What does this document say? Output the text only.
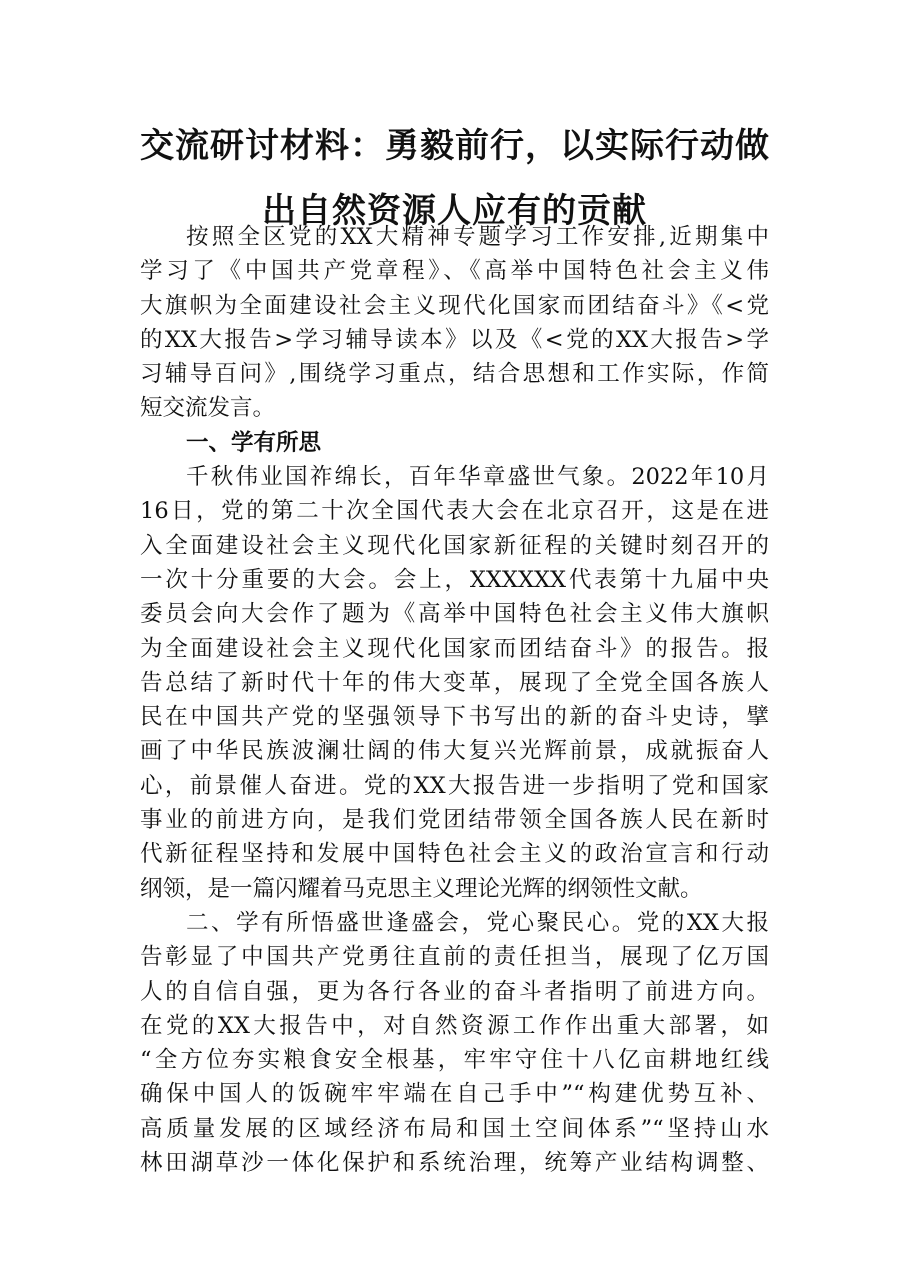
交流研讨材料：勇毅前行，以实际行动做
出自然资源人应有的贡献
按照全区党的XX大精神专题学习工作安排,近期集中
学习了《中国共产党章程》、《高举中国特色社会主义伟
大旗帜为全面建设社会主义现代化国家而团结奋斗》《<党
的XX大报告>学习辅导读本》以及《<党的XX大报告>学
习辅导百问》,围绕学习重点，结合思想和工作实际，作简
短交流发言。
一、学有所思
千秋伟业国祚绵长，百年华章盛世气象。2022年10月
16日，党的第二十次全国代表大会在北京召开，这是在进
入全面建设社会主义现代化国家新征程的关键时刻召开的
一次十分重要的大会。会上，XXXXXX代表第十九届中央
委员会向大会作了题为《高举中国特色社会主义伟大旗帜
为全面建设社会主义现代化国家而团结奋斗》的报告。报
告总结了新时代十年的伟大变革，展现了全党全国各族人
民在中国共产党的坚强领导下书写出的新的奋斗史诗，擘
画了中华民族波澜壮阔的伟大复兴光辉前景，成就振奋人
心，前景催人奋进。党的XX大报告进一步指明了党和国家
事业的前进方向，是我们党团结带领全国各族人民在新时
代新征程坚持和发展中国特色社会主义的政治宣言和行动
纲领，是一篇闪耀着马克思主义理论光辉的纲领性文献。
二、学有所悟盛世逢盛会，党心聚民心。党的XX大报
告彰显了中国共产党勇往直前的责任担当，展现了亿万国
人的自信自强，更为各行各业的奋斗者指明了前进方向。
在党的XX大报告中，对自然资源工作作出重大部署，如
“全方位夯实粮食安全根基，牢牢守住十八亿亩耕地红线
确保中国人的饭碗牢牢端在自己手中”“构建优势互补、
高质量发展的区域经济布局和国土空间体系”“坚持山水
林田湖草沙一体化保护和系统治理，统筹产业结构调整、
